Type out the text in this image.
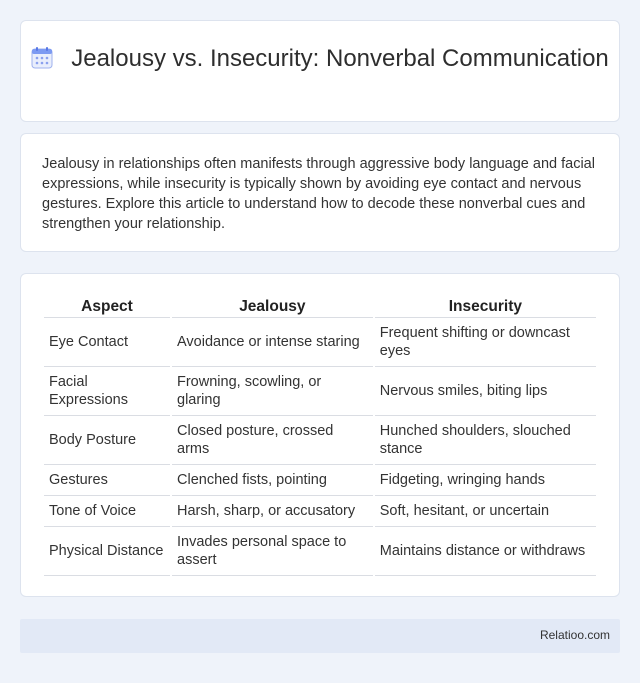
Jealousy vs. Insecurity: Nonverbal Communication

Jealousy in relationships often manifests through aggressive body language and facial expressions, while insecurity is typically shown by avoiding eye contact and nervous gestures. Explore this article to understand how to decode these nonverbal cues and strengthen your relationship.

Aspect	Jealousy	Insecurity
Eye Contact	Avoidance or intense staring	Frequent shifting or downcast eyes
Facial Expressions	Frowning, scowling, or glaring	Nervous smiles, biting lips
Body Posture	Closed posture, crossed arms	Hunched shoulders, slouched stance
Gestures	Clenched fists, pointing	Fidgeting, wringing hands
Tone of Voice	Harsh, sharp, or accusatory	Soft, hesitant, or uncertain
Physical Distance	Invades personal space to assert	Maintains distance or withdraws
Relatioo.com
